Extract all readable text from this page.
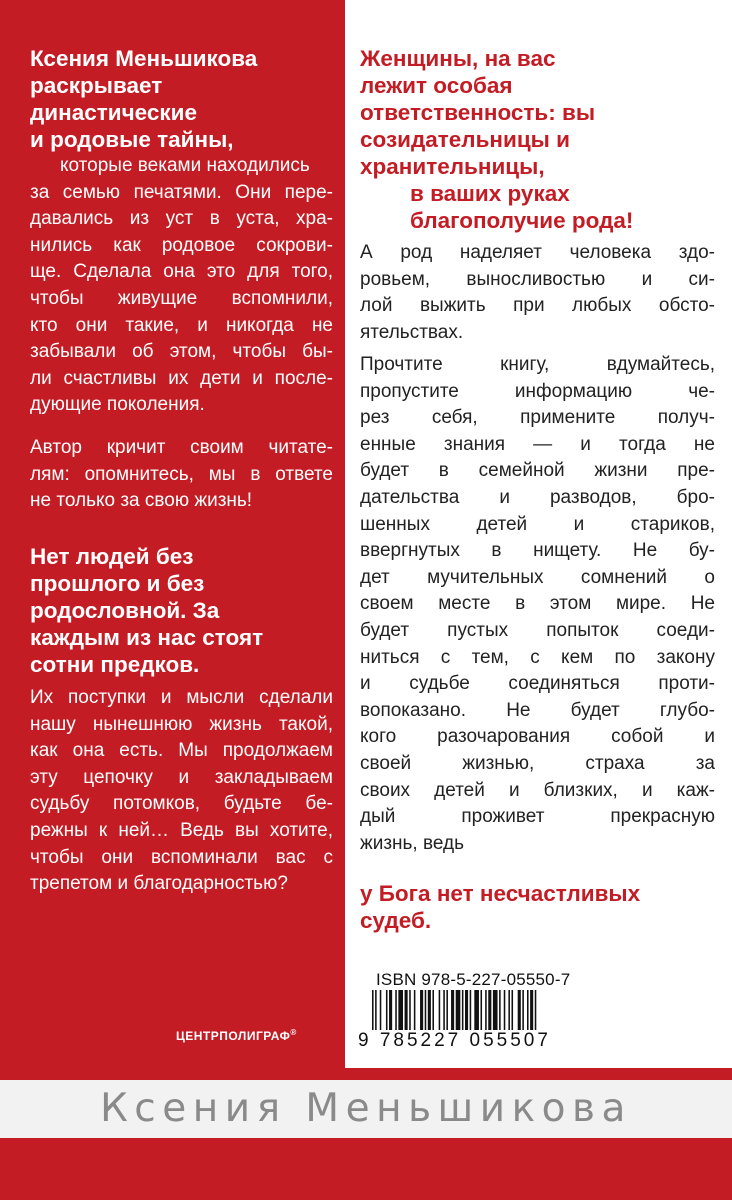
Ксения Меньшикова
раскрывает
династические
и родовые тайны,
которые веками находились
за семью печатями. Они пере-
давались из уст в уста, хра-
нились как родовое сокрови-
ще. Сделала она это для того,
чтобы живущие вспомнили,
кто они такие, и никогда не
забывали об этом, чтобы бы-
ли счастливы их дети и после-
дующие поколения.
Автор кричит своим читате-
лям: опомнитесь, мы в ответе
не только за свою жизнь!
Нет людей без
прошлого и без
родословной. За
каждым из нас стоят
сотни предков.
Их поступки и мысли сделали
нашу нынешнюю жизнь такой,
как она есть. Мы продолжаем
эту цепочку и закладываем
судьбу потомков, будьте бе-
режны к ней… Ведь вы хотите,
чтобы они вспоминали вас с
трепетом и благодарностью?
ЦЕНТРПОЛИГРАФ®
Женщины, на вас
лежит особая
ответственность: вы
созидательницы и
хранительницы,
в ваших руках
благополучие рода!
А род наделяет человека здо-
ровьем, выносливостью и си-
лой выжить при любых обсто-
ятельствах.
Прочтите книгу, вдумайтесь,
пропустите информацию че-
рез себя, примените получ-
енные знания — и тогда не
будет в семейной жизни пре-
дательства и разводов, бро-
шенных детей и стариков,
ввергнутых в нищету. Не бу-
дет мучительных сомнений о
своем месте в этом мире. Не
будет пустых попыток соеди-
ниться с тем, с кем по закону
и судьбе соединяться проти-
вопоказано. Не будет глубо-
кого разочарования собой и
своей жизнью, страха за
своих детей и близких, и каж-
дый проживет прекрасную
жизнь, ведь
у Бога нет несчастливых
судеб.
ISBN 978-5-227-05550-7
9 785227 055507
Ксения Меньшикова
